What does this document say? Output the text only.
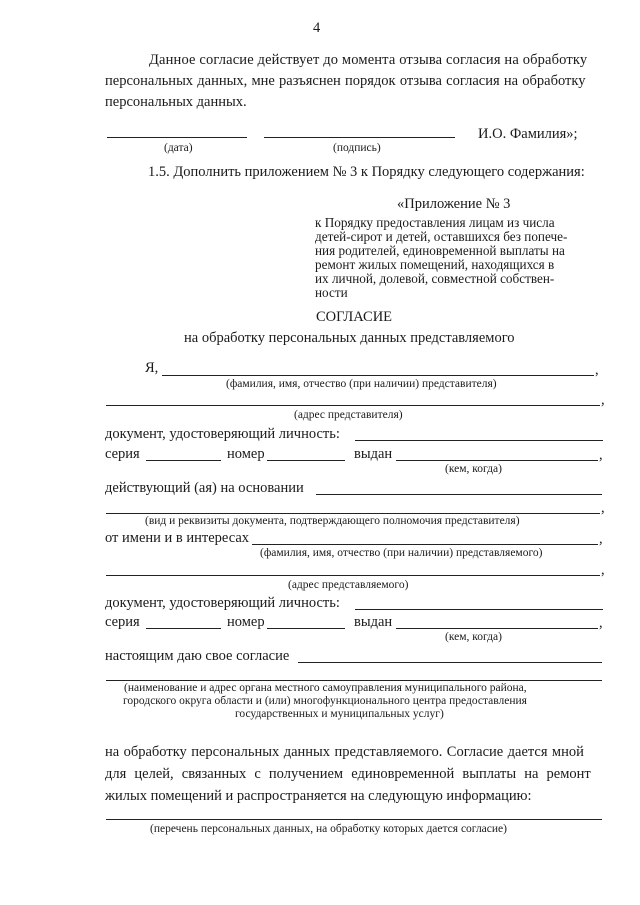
4
Данное согласие действует до момента отзыва согласия на обработку
персональных данных, мне разъяснен порядок отзыва согласия на обработку
персональных данных.
И.О. Фамилия»;
(дата)	(подпись)
1.5. Дополнить приложением № 3 к Порядку следующего содержания:
«Приложение № 3
к Порядку предоставления лицам из числа
детей-сирот и детей, оставшихся без попече-
ния родителей, единовременной выплаты на
ремонт жилых помещений, находящихся в
их личной, долевой, совместной собствен-
ности
СОГЛАСИЕ
на обработку персональных данных представляемого
Я,	,
(фамилия, имя, отчество (при наличии) представителя)
,
(адрес представителя)
документ, удостоверяющий личность:
серия	номер	выдан	,
(кем, когда)
действующий (ая) на основании
,
(вид и реквизиты документа, подтверждающего полномочия представителя)
от имени и в интересах	,
(фамилия, имя, отчество (при наличии) представляемого)
,
(адрес представляемого)
документ, удостоверяющий личность:
серия	номер	выдан	,
(кем, когда)
настоящим даю свое согласие
(наименование и адрес органа местного самоуправления муниципального района,
городского округа области и (или) многофункционального центра предоставления
государственных и муниципальных услуг)
на обработку персональных данных представляемого. Согласие дается мной
для целей, связанных с получением единовременной выплаты на ремонт
жилых помещений и распространяется на следующую информацию:
(перечень персональных данных, на обработку которых дается согласие)
